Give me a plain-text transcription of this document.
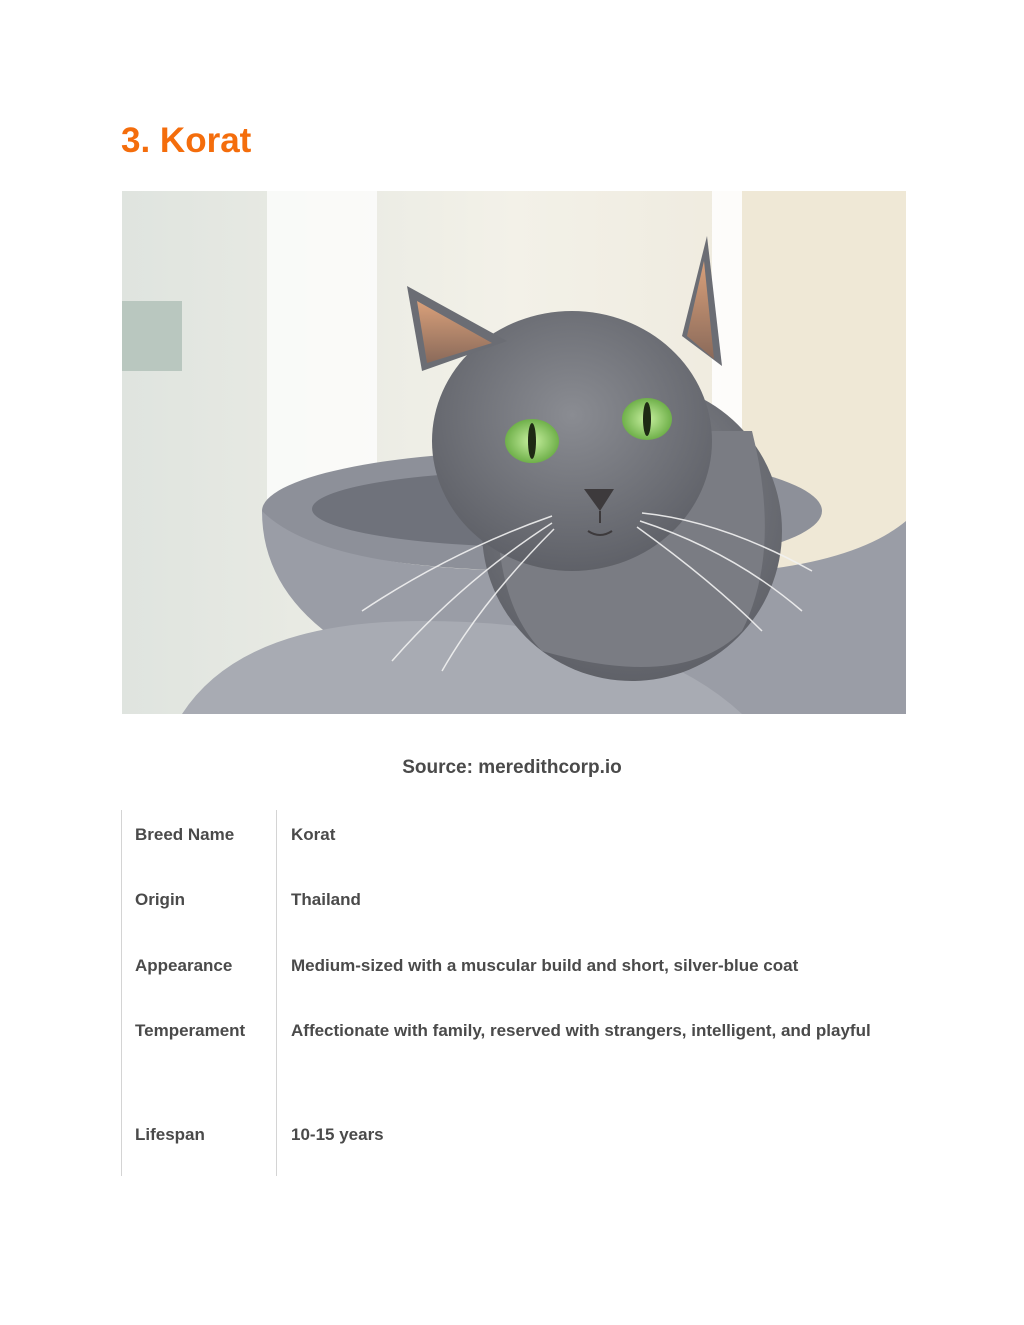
3. Korat
Source: meredithcorp.io
Breed Name	Korat
Origin	Thailand
Appearance	Medium-sized with a muscular build and short, silver-blue coat
Temperament	Affectionate with family, reserved with strangers, intelligent, and playful
Lifespan	10-15 years
